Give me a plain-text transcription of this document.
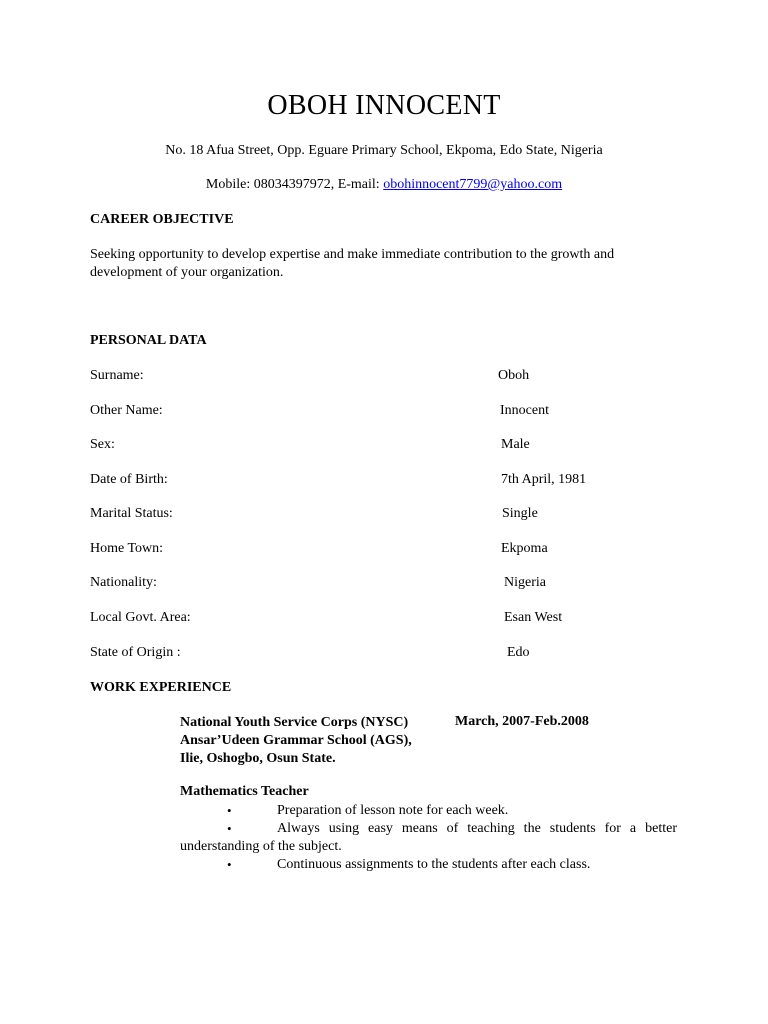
OBOH INNOCENT

No. 18 Afua Street, Opp. Eguare Primary School, Ekpoma, Edo State, Nigeria

Mobile: 08034397972, E-mail: obohinnocent7799@yahoo.com

CAREER OBJECTIVE

Seeking opportunity to develop expertise and make immediate contribution to the growth and development of your organization.

PERSONAL DATA
Surname:	Oboh
Other Name:	Innocent
Sex:	Male
Date of Birth:	7th April, 1981
Marital Status:	Single
Home Town:	Ekpoma
Nationality:	Nigeria
Local Govt. Area:	Esan West
State of Origin :	Edo
WORK EXPERIENCE
National Youth Service Corps (NYSC)
Ansar’Udeen Grammar School (AGS),
Ilie, Oshogbo, Osun State.
March, 2007-Feb.2008
Mathematics Teacher
•	Preparation of lesson note for each week.
•	Always using easy means of teaching the students for a better understanding of the subject.
•	Continuous assignments to the students after each class.
